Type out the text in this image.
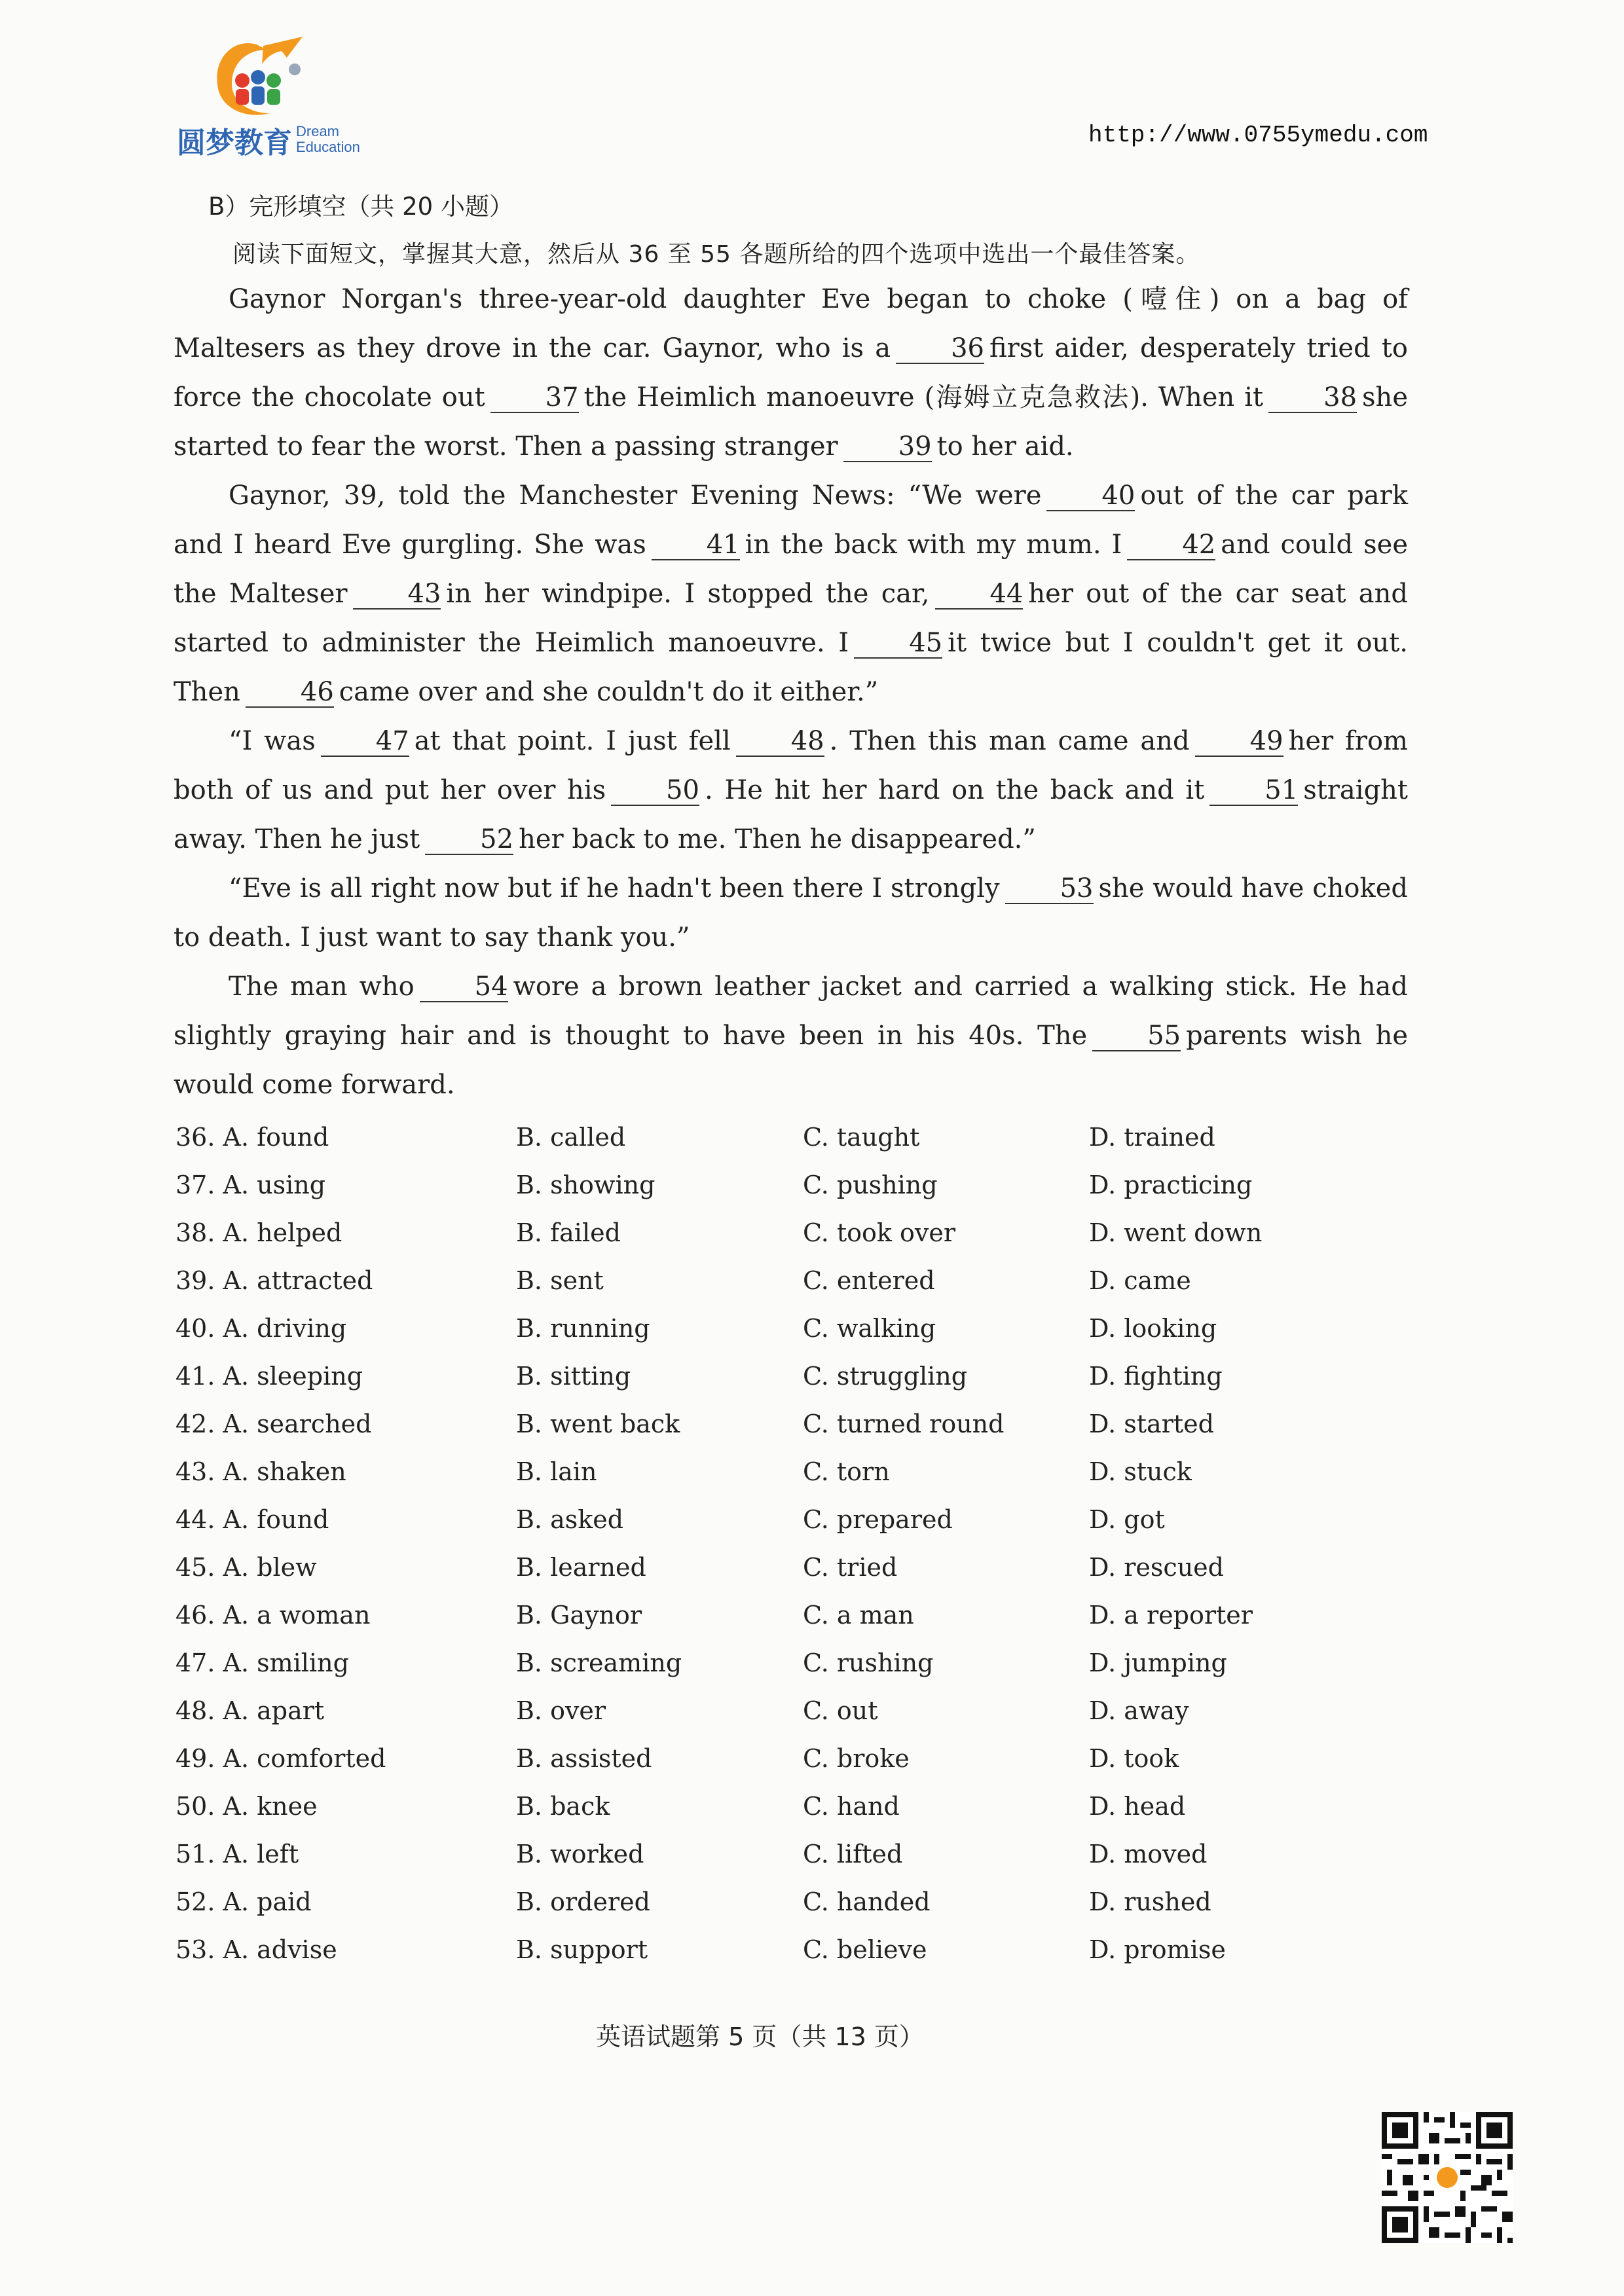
圆梦教育 Dream
Education	http://www.0755ymedu.com
B）完形填空（共 20 小题）
阅读下面短文，掌握其大意，然后从 36 至 55 各题所给的四个选项中选出一个最佳答案。

Gaynor Norgan's three-year-old daughter Eve began to choke (噎住) on a bag of Maltesers as they drove in the car. Gaynor, who is a 36 first aider, desperately tried to force the chocolate out 37 the Heimlich manoeuvre (海姆立克急救法). When it 38 she started to fear the worst. Then a passing stranger 39 to her aid.

Gaynor, 39, told the Manchester Evening News: “We were 40 out of the car park and I heard Eve gurgling. She was 41 in the back with my mum. I 42 and could see the Malteser 43 in her windpipe. I stopped the car, 44 her out of the car seat and started to administer the Heimlich manoeuvre. I 45 it twice but I couldn't get it out. Then 46 came over and she couldn't do it either.”

“I was 47 at that point. I just fell 48 . Then this man came and 49 her from both of us and put her over his 50 . He hit her hard on the back and it 51 straight away. Then he just 52 her back to me. Then he disappeared.”

“Eve is all right now but if he hadn't been there I strongly 53 she would have choked to death. I just want to say thank you.”

The man who 54 wore a brown leather jacket and carried a walking stick. He had slightly graying hair and is thought to have been in his 40s. The 55 parents wish he would come forward.

36. A. found	B. called	C. taught	D. trained
37. A. using	B. showing	C. pushing	D. practicing
38. A. helped	B. failed	C. took over	D. went down
39. A. attracted	B. sent	C. entered	D. came
40. A. driving	B. running	C. walking	D. looking
41. A. sleeping	B. sitting	C. struggling	D. fighting
42. A. searched	B. went back	C. turned round	D. started
43. A. shaken	B. lain	C. torn	D. stuck
44. A. found	B. asked	C. prepared	D. got
45. A. blew	B. learned	C. tried	D. rescued
46. A. a woman	B. Gaynor	C. a man	D. a reporter
47. A. smiling	B. screaming	C. rushing	D. jumping
48. A. apart	B. over	C. out	D. away
49. A. comforted	B. assisted	C. broke	D. took
50. A. knee	B. back	C. hand	D. head
51. A. left	B. worked	C. lifted	D. moved
52. A. paid	B. ordered	C. handed	D. rushed
53. A. advise	B. support	C. believe	D. promise
英语试题第 5 页（共 13 页）
